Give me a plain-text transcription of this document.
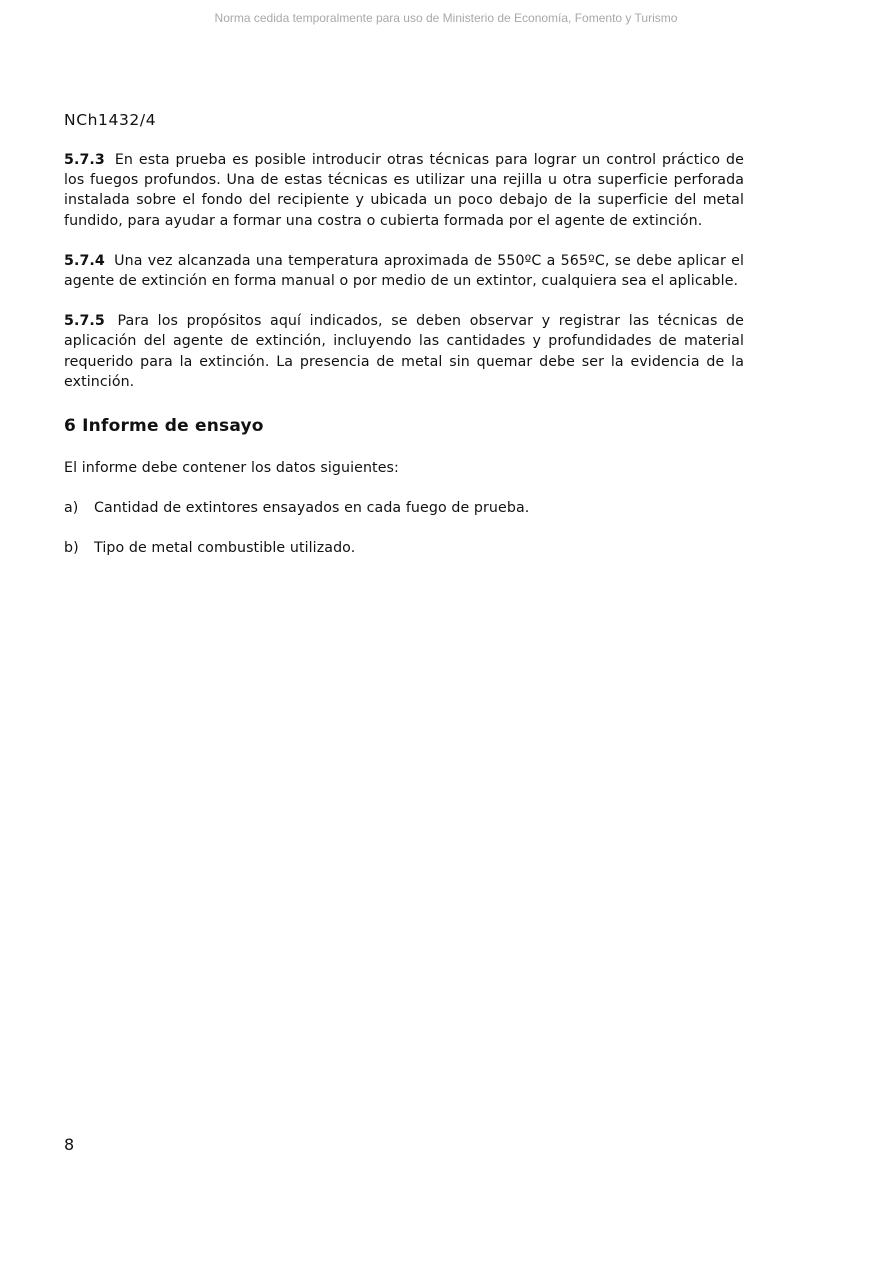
Norma cedida temporalmente para uso de Ministerio de Economía, Fomento y Turismo
NCh1432/4

5.7.3 En esta prueba es posible introducir otras técnicas para lograr un control práctico de los fuegos profundos. Una de estas técnicas es utilizar una rejilla u otra superficie perforada instalada sobre el fondo del recipiente y ubicada un poco debajo de la superficie del metal fundido, para ayudar a formar una costra o cubierta formada por el agente de extinción.

5.7.4 Una vez alcanzada una temperatura aproximada de 550ºC a 565ºC, se debe aplicar el agente de extinción en forma manual o por medio de un extintor, cualquiera sea el aplicable.

5.7.5 Para los propósitos aquí indicados, se deben observar y registrar las técnicas de aplicación del agente de extinción, incluyendo las cantidades y profundidades de material requerido para la extinción. La presencia de metal sin quemar debe ser la evidencia de la extinción.

6 Informe de ensayo

El informe debe contener los datos siguientes:

a)	Cantidad de extintores ensayados en cada fuego de prueba.
b)	Tipo de metal combustible utilizado.
8
